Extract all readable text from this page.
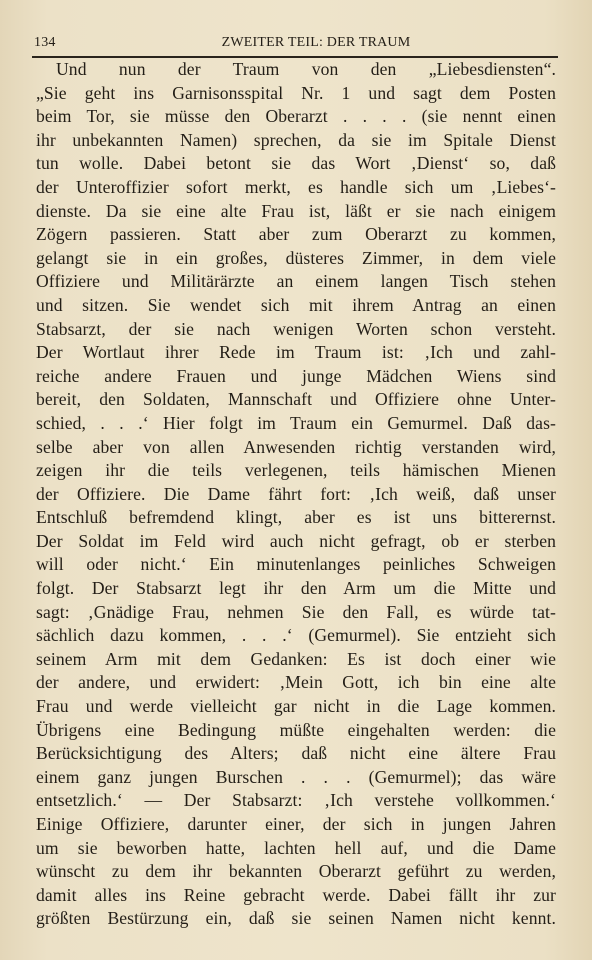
134	ZWEITER TEIL: DER TRAUM
Und nun der Traum von den „Liebesdiensten“.
„Sie geht ins Garnisonsspital Nr. 1 und sagt dem Posten
beim Tor, sie müsse den Oberarzt . . . . (sie nennt einen
ihr unbekannten Namen) sprechen, da sie im Spitale Dienst
tun wolle. Dabei betont sie das Wort ‚Dienst‘ so, daß
der Unteroffizier sofort merkt, es handle sich um ‚Liebes‘-
dienste. Da sie eine alte Frau ist, läßt er sie nach einigem
Zögern passieren. Statt aber zum Oberarzt zu kommen,
gelangt sie in ein großes, düsteres Zimmer, in dem viele
Offiziere und Militärärzte an einem langen Tisch stehen
und sitzen. Sie wendet sich mit ihrem Antrag an einen
Stabsarzt, der sie nach wenigen Worten schon versteht.
Der Wortlaut ihrer Rede im Traum ist: ‚Ich und zahl-
reiche andere Frauen und junge Mädchen Wiens sind
bereit, den Soldaten, Mannschaft und Offiziere ohne Unter-
schied, . . .‘ Hier folgt im Traum ein Gemurmel. Daß das-
selbe aber von allen Anwesenden richtig verstanden wird,
zeigen ihr die teils verlegenen, teils hämischen Mienen
der Offiziere. Die Dame fährt fort: ‚Ich weiß, daß unser
Entschluß befremdend klingt, aber es ist uns bitterernst.
Der Soldat im Feld wird auch nicht gefragt, ob er sterben
will oder nicht.‘ Ein minutenlanges peinliches Schweigen
folgt. Der Stabsarzt legt ihr den Arm um die Mitte und
sagt: ‚Gnädige Frau, nehmen Sie den Fall, es würde tat-
sächlich dazu kommen, . . .‘ (Gemurmel). Sie entzieht sich
seinem Arm mit dem Gedanken: Es ist doch einer wie
der andere, und erwidert: ‚Mein Gott, ich bin eine alte
Frau und werde vielleicht gar nicht in die Lage kommen.
Übrigens eine Bedingung müßte eingehalten werden: die
Berücksichtigung des Alters; daß nicht eine ältere Frau
einem ganz jungen Burschen . . . (Gemurmel); das wäre
entsetzlich.‘ — Der Stabsarzt: ‚Ich verstehe vollkommen.‘
Einige Offiziere, darunter einer, der sich in jungen Jahren
um sie beworben hatte, lachten hell auf, und die Dame
wünscht zu dem ihr bekannten Oberarzt geführt zu werden,
damit alles ins Reine gebracht werde. Dabei fällt ihr zur
größten Bestürzung ein, daß sie seinen Namen nicht kennt.
